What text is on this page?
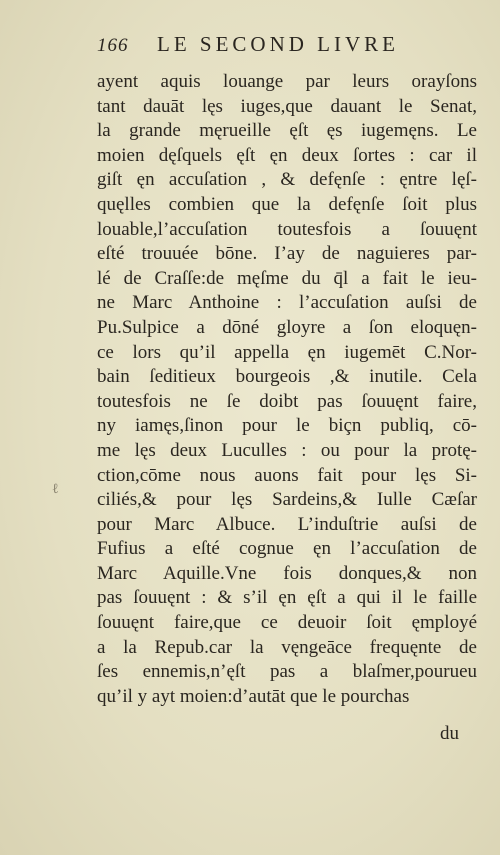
166	LE SECOND LIVRE
ℓ
ayent aquis louange par leurs orayſons
tant dauāt lęs iuges,que dauant le Senat,
la grande męrueille ęſt ęs iugemęns. Le
moien dęſquels ęſt ęn deux ſortes : car il
giſt ęn accuſation , & defęnſe : ęntre lęſ-
quęlles combien que la defęnſe ſoit plus
louable,l’accuſation toutesfois a ſouuęnt
eſté trouuée bōne. I’ay de naguieres par-
lé de Craſſe:de męſme du q̄l a fait le ieu-
ne Marc Anthoine : l’accuſation auſsi de
Pu.Sulpice a dōné gloyre a ſon eloquęn-
ce lors qu’il appella ęn iugemēt C.Nor-
bain ſeditieux bourgeois ,& inutile. Cela
toutesfois ne ſe doibt pas ſouuęnt faire,
ny iamęs,ſinon pour le biçn publiq, cō-
me lęs deux Luculles : ou pour la protę-
ction,cōme nous auons fait pour lęs Si-
ciliés,& pour lęs Sardeins,& Iulle Cæſar
pour Marc Albuce. L’induſtrie auſsi de
Fufius a eſté cognue ęn l’accuſation de
Marc Aquille.Vne fois donques,& non
pas ſouuęnt : & s’il ęn ęſt a qui il le faille
ſouuęnt faire,que ce deuoir ſoit ęmployé
a la Repub.car la vęngeāce frequęnte de
ſes ennemis,n’ęſt pas a blaſmer,pourueu
qu’il y ayt moien:d’autāt que le pourchas
du
